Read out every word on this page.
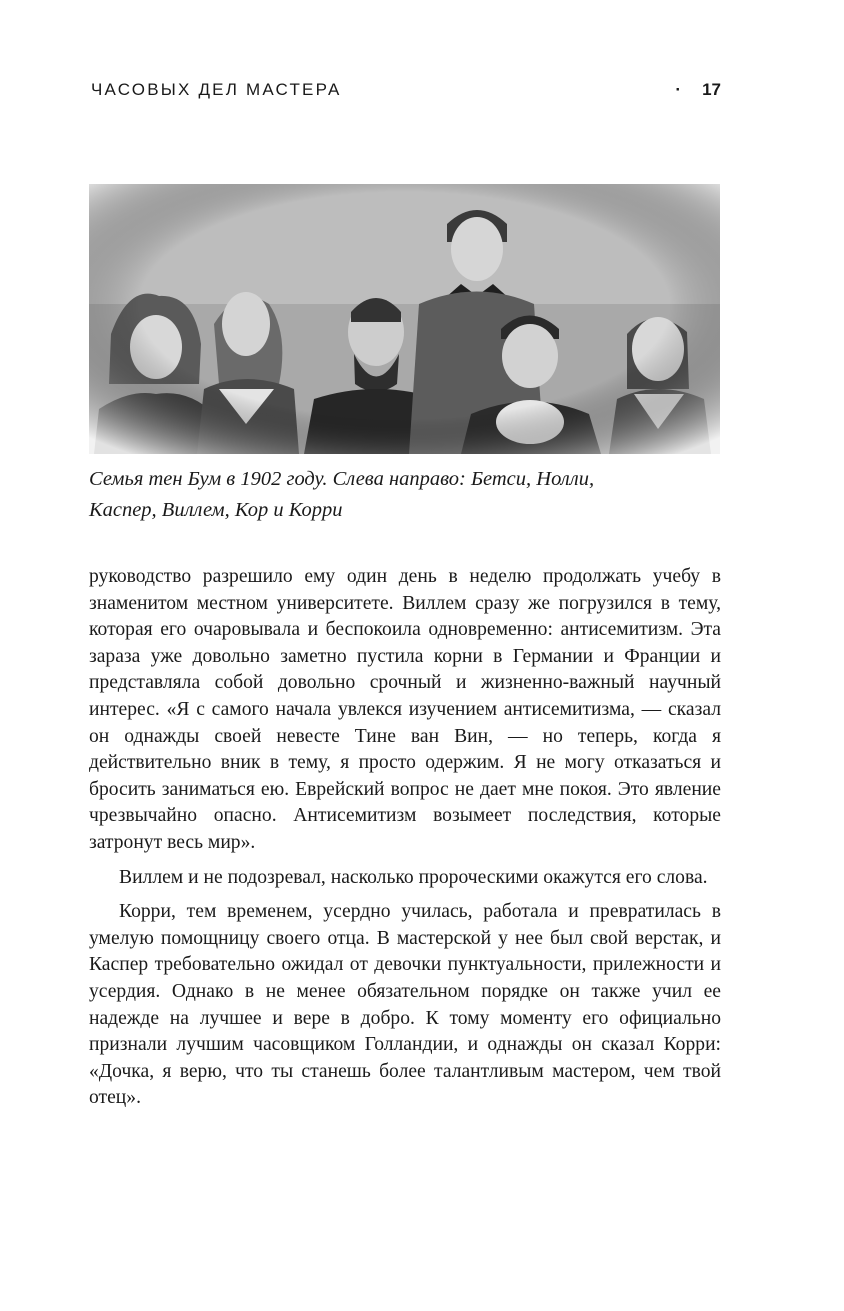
ЧАСОВЫХ ДЕЛ МАСТЕРА	· 17

Семья тен Бум в 1902 году. Слева направо: Бетси, Нолли,

Каспер, Виллем, Кор и Корри

руководство разрешило ему один день в неделю продолжать учебу в знаменитом местном университете. Виллем сразу же погрузился в тему, которая его очаровывала и беспокоила одновременно: антисемитизм. Эта зараза уже довольно заметно пустила корни в Германии и Франции и представляла собой довольно срочный и жизненно-важный научный интерес. «Я с самого начала увлекся изучением антисемитизма, — сказал он однажды своей невесте Тине ван Вин, — но теперь, когда я действительно вник в тему, я просто одержим. Я не могу отказаться и бросить заниматься ею. Еврейский вопрос не дает мне покоя. Это явление чрезвычайно опасно. Антисемитизм возымеет последствия, которые затронут весь мир».

Виллем и не подозревал, насколько пророческими окажутся его слова.

Корри, тем временем, усердно училась, работала и превратилась в умелую помощницу своего отца. В мастерской у нее был свой верстак, и Каспер требовательно ожидал от девочки пунктуальности, прилежности и усердия. Однако в не менее обязательном порядке он также учил ее надежде на лучшее и вере в добро. К тому моменту его официально признали лучшим часовщиком Голландии, и однажды он сказал Корри: «Дочка, я верю, что ты станешь более талантливым мастером, чем твой отец».
